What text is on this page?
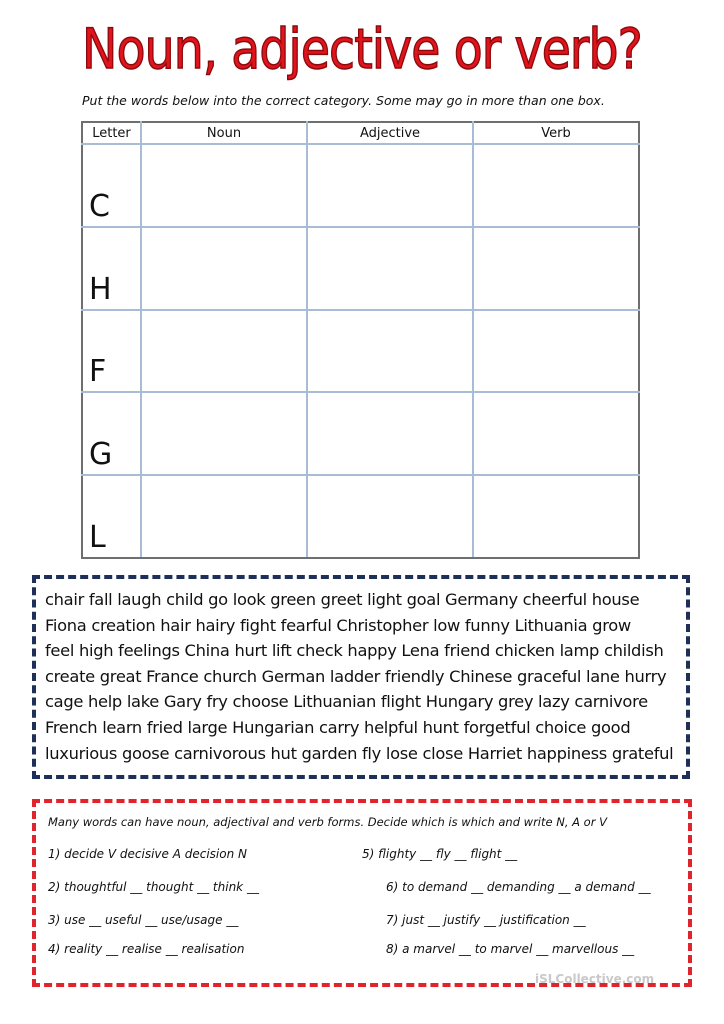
Noun, adjective or verb?
Put the words below into the correct category. Some may go in more than one box.
Letter	Noun	Adjective	Verb
C			
H			
F			
G			
L			
chair fall laugh child go look green greet light goal Germany cheerful house
Fiona creation hair hairy fight fearful Christopher low funny Lithuania grow
feel high feelings China hurt lift check happy Lena friend chicken lamp childish
create great France church German ladder friendly Chinese graceful lane hurry
cage help lake Gary fry choose Lithuanian flight Hungary grey lazy carnivore
French learn fried large Hungarian carry helpful hunt forgetful choice good
luxurious goose carnivorous hut garden fly lose close Harriet happiness grateful
Many words can have noun, adjectival and verb forms. Decide which is which and write N, A or V
1) decide V decisive A decision N
2) thoughtful __ thought __ think __
3) use __ useful __ use/usage __
4) reality __ realise __ realisation
5) flighty __ fly __ flight __
6) to demand __ demanding __ a demand __
7) just __ justify __ justification __
8) a marvel __ to marvel __ marvellous __
iSLCollective.com
